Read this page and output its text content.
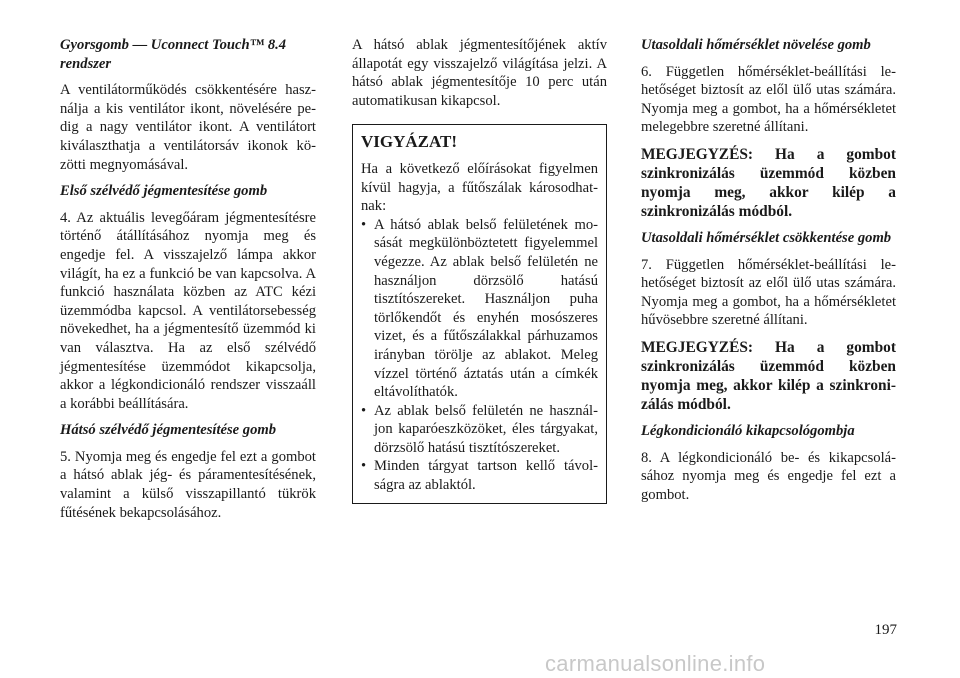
Gyorsgomb — Uconnect Touch™ 8.4 rendszer
A ventilátorműködés csökkentésére használja a kis ventilátor ikont, növelésére pedig a nagy ventilátor ikont. A ventilátort kiválaszthatja a ventilátorsáv ikonok közötti megnyomásával.
Első szélvédő jégmentesítése gomb
4. Az aktuális levegőáram jégmentesítésre történő átállításához nyomja meg és engedje fel. A visszajelző lámpa akkor világít, ha ez a funkció be van kapcsolva. A funkció használata közben az ATC kézi üzemmódba kapcsol. A ventilátorsebesség növekedhet, ha a jégmentesítő üzemmód ki van választva. Ha az első szélvédő jégmentesítése üzemmódot kikapcsolja, akkor a légkondicionáló rendszer visszaáll a korábbi beállítására.
Hátsó szélvédő jégmentesítése gomb
5. Nyomja meg és engedje fel ezt a gombot a hátsó ablak jég- és páramentesítésének, valamint a külső visszapillantó tükrök fűtésének bekapcsolásához.
A hátsó ablak jégmentesítőjének aktív állapotát egy visszajelző világítása jelzi. A hátsó ablak jégmentesítője 10 perc után automatikusan kikapcsol.
VIGYÁZAT!
Ha a következő előírásokat figyelmen kívül hagyja, a fűtőszálak károsodhatnak:
• A hátsó ablak belső felületének mosását megkülönböztetett figyelemmel végezze. Az ablak belső felületén ne használjon dörzsölő hatású tisztítószereket. Használjon puha törlőkendőt és enyhén mosószeres vizet, és a fűtőszálakkal párhuzamos irányban törölje az ablakot. Meleg vízzel történő áztatás után a címkék eltávolíthatók.
• Az ablak belső felületén ne használjon kaparóeszközöket, éles tárgyakat, dörzsölő hatású tisztítószereket.
• Minden tárgyat tartson kellő távolságra az ablaktól.
Utasoldali hőmérséklet növelése gomb
6. Független hőmérséklet-beállítási lehetőséget biztosít az elől ülő utas számára. Nyomja meg a gombot, ha a hőmérsékletet melegebbre szeretné állítani.
MEGJEGYZÉS: Ha a gombot szinkronizálás üzemmód közben nyomja meg, akkor kilép a szinkronizálás módból.
Utasoldali hőmérséklet csökkentése gomb
7. Független hőmérséklet-beállítási lehetőséget biztosít az elől ülő utas számára. Nyomja meg a gombot, ha a hőmérsékletet hűvösebbre szeretné állítani.
MEGJEGYZÉS: Ha a gombot szinkronizálás üzemmód közben nyomja meg, akkor kilép a szinkronizálás módból.
Légkondicionáló kikapcsológombja
8. A légkondicionáló be- és kikapcsolásához nyomja meg és engedje fel ezt a gombot.
197
carmanualsonline.info
